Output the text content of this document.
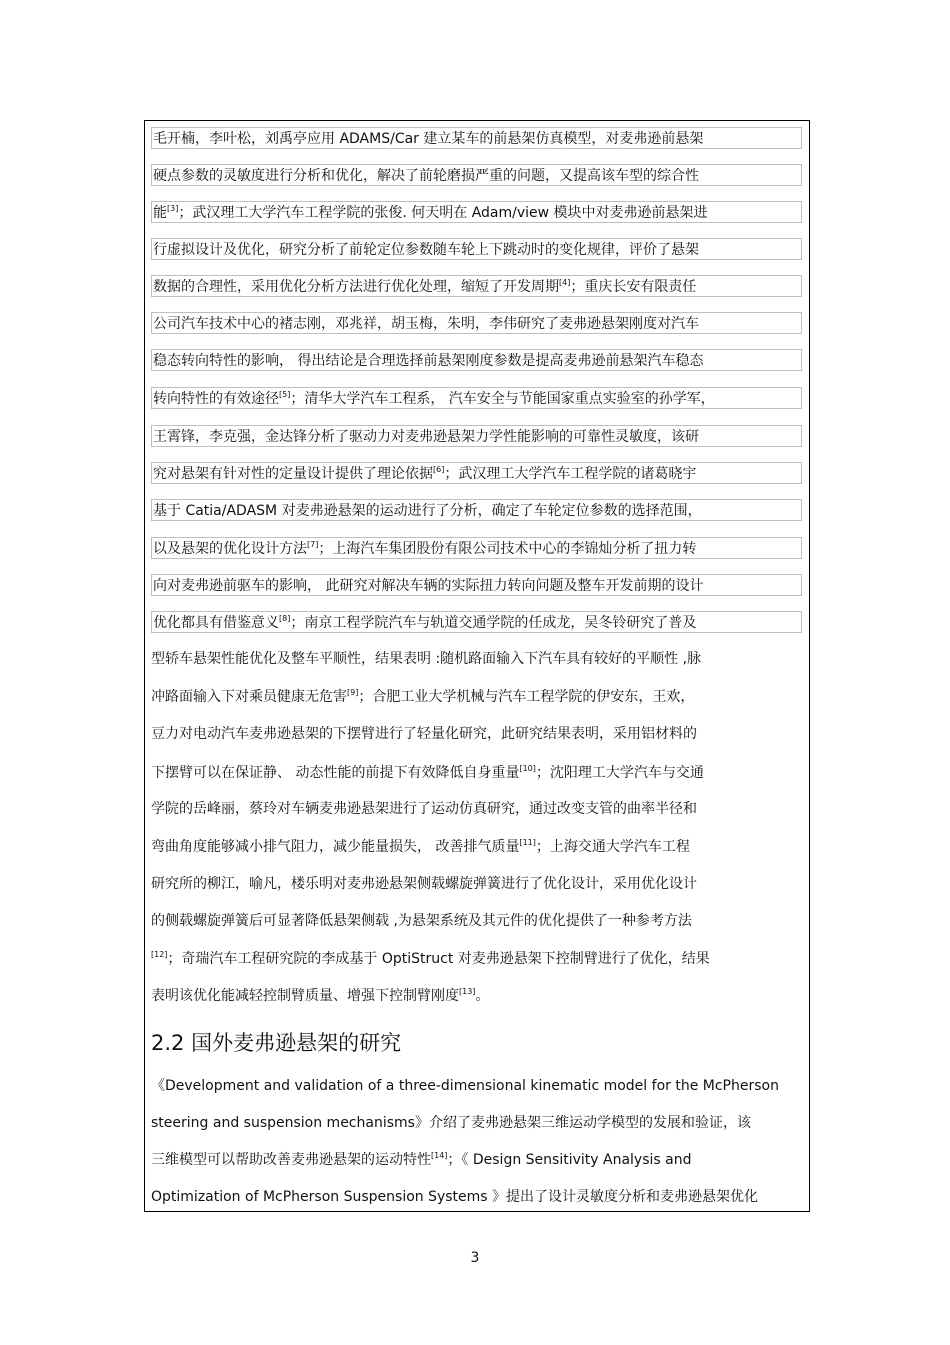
毛开楠，李叶松，刘禹亭应用 ADAMS/Car 建立某车的前悬架仿真模型，对麦弗逊前悬架
硬点参数的灵敏度进行分析和优化，解决了前轮磨损严重的问题，又提高该车型的综合性
能[3]；武汉理工大学汽车工程学院的张俊. 何天明在 Adam/view 模块中对麦弗逊前悬架进
行虚拟设计及优化，研究分析了前轮定位参数随车轮上下跳动时的变化规律，评价了悬架
数据的合理性，采用优化分析方法进行优化处理，缩短了开发周期[4]；重庆长安有限责任
公司汽车技术中心的褚志刚，邓兆祥，胡玉梅，朱明，李伟研究了麦弗逊悬架刚度对汽车
稳态转向特性的影响， 得出结论是合理选择前悬架刚度参数是提高麦弗逊前悬架汽车稳态
转向特性的有效途径[5]；清华大学汽车工程系， 汽车安全与节能国家重点实验室的孙学军，
王霄锋，李克强，金达锋分析了驱动力对麦弗逊悬架力学性能影响的可靠性灵敏度，该研
究对悬架有针对性的定量设计提供了理论依据[6]；武汉理工大学汽车工程学院的诸葛晓宇
基于 Catia/ADASM 对麦弗逊悬架的运动进行了分析，确定了车轮定位参数的选择范围，
以及悬架的优化设计方法[7]；上海汽车集团股份有限公司技术中心的李锦灿分析了扭力转
向对麦弗逊前驱车的影响， 此研究对解决车辆的实际扭力转向问题及整车开发前期的设计
优化都具有借鉴意义[8]；南京工程学院汽车与轨道交通学院的任成龙，吴冬铃研究了普及
型轿车悬架性能优化及整车平顺性，结果表明 :随机路面输入下汽车具有较好的平顺性 ,脉
冲路面输入下对乘员健康无危害[9]；合肥工业大学机械与汽车工程学院的伊安东，王欢，
豆力对电动汽车麦弗逊悬架的下摆臂进行了轻量化研究，此研究结果表明，采用铝材料的
下摆臂可以在保证静、 动态性能的前提下有效降低自身重量[10]；沈阳理工大学汽车与交通
学院的岳峰丽，蔡玲对车辆麦弗逊悬架进行了运动仿真研究，通过改变支管的曲率半径和
弯曲角度能够减小排气阻力，减少能量损失， 改善排气质量[11]；上海交通大学汽车工程
研究所的柳江，喻凡，楼乐明对麦弗逊悬架侧载螺旋弹簧进行了优化设计，采用优化设计
的侧载螺旋弹簧后可显著降低悬架侧载 ,为悬架系统及其元件的优化提供了一种参考方法
[12]；奇瑞汽车工程研究院的李成基于 OptiStruct 对麦弗逊悬架下控制臂进行了优化，结果
表明该优化能减轻控制臂质量、增强下控制臂刚度[13]。
2.2 国外麦弗逊悬架的研究
《Development and validation of a three-dimensional kinematic model for the McPherson
steering and suspension mechanisms》介绍了麦弗逊悬架三维运动学模型的发展和验证，该
三维模型可以帮助改善麦弗逊悬架的运动特性[14]；《 Design Sensitivity Analysis and
Optimization of McPherson Suspension Systems 》提出了设计灵敏度分析和麦弗逊悬架优化
3
